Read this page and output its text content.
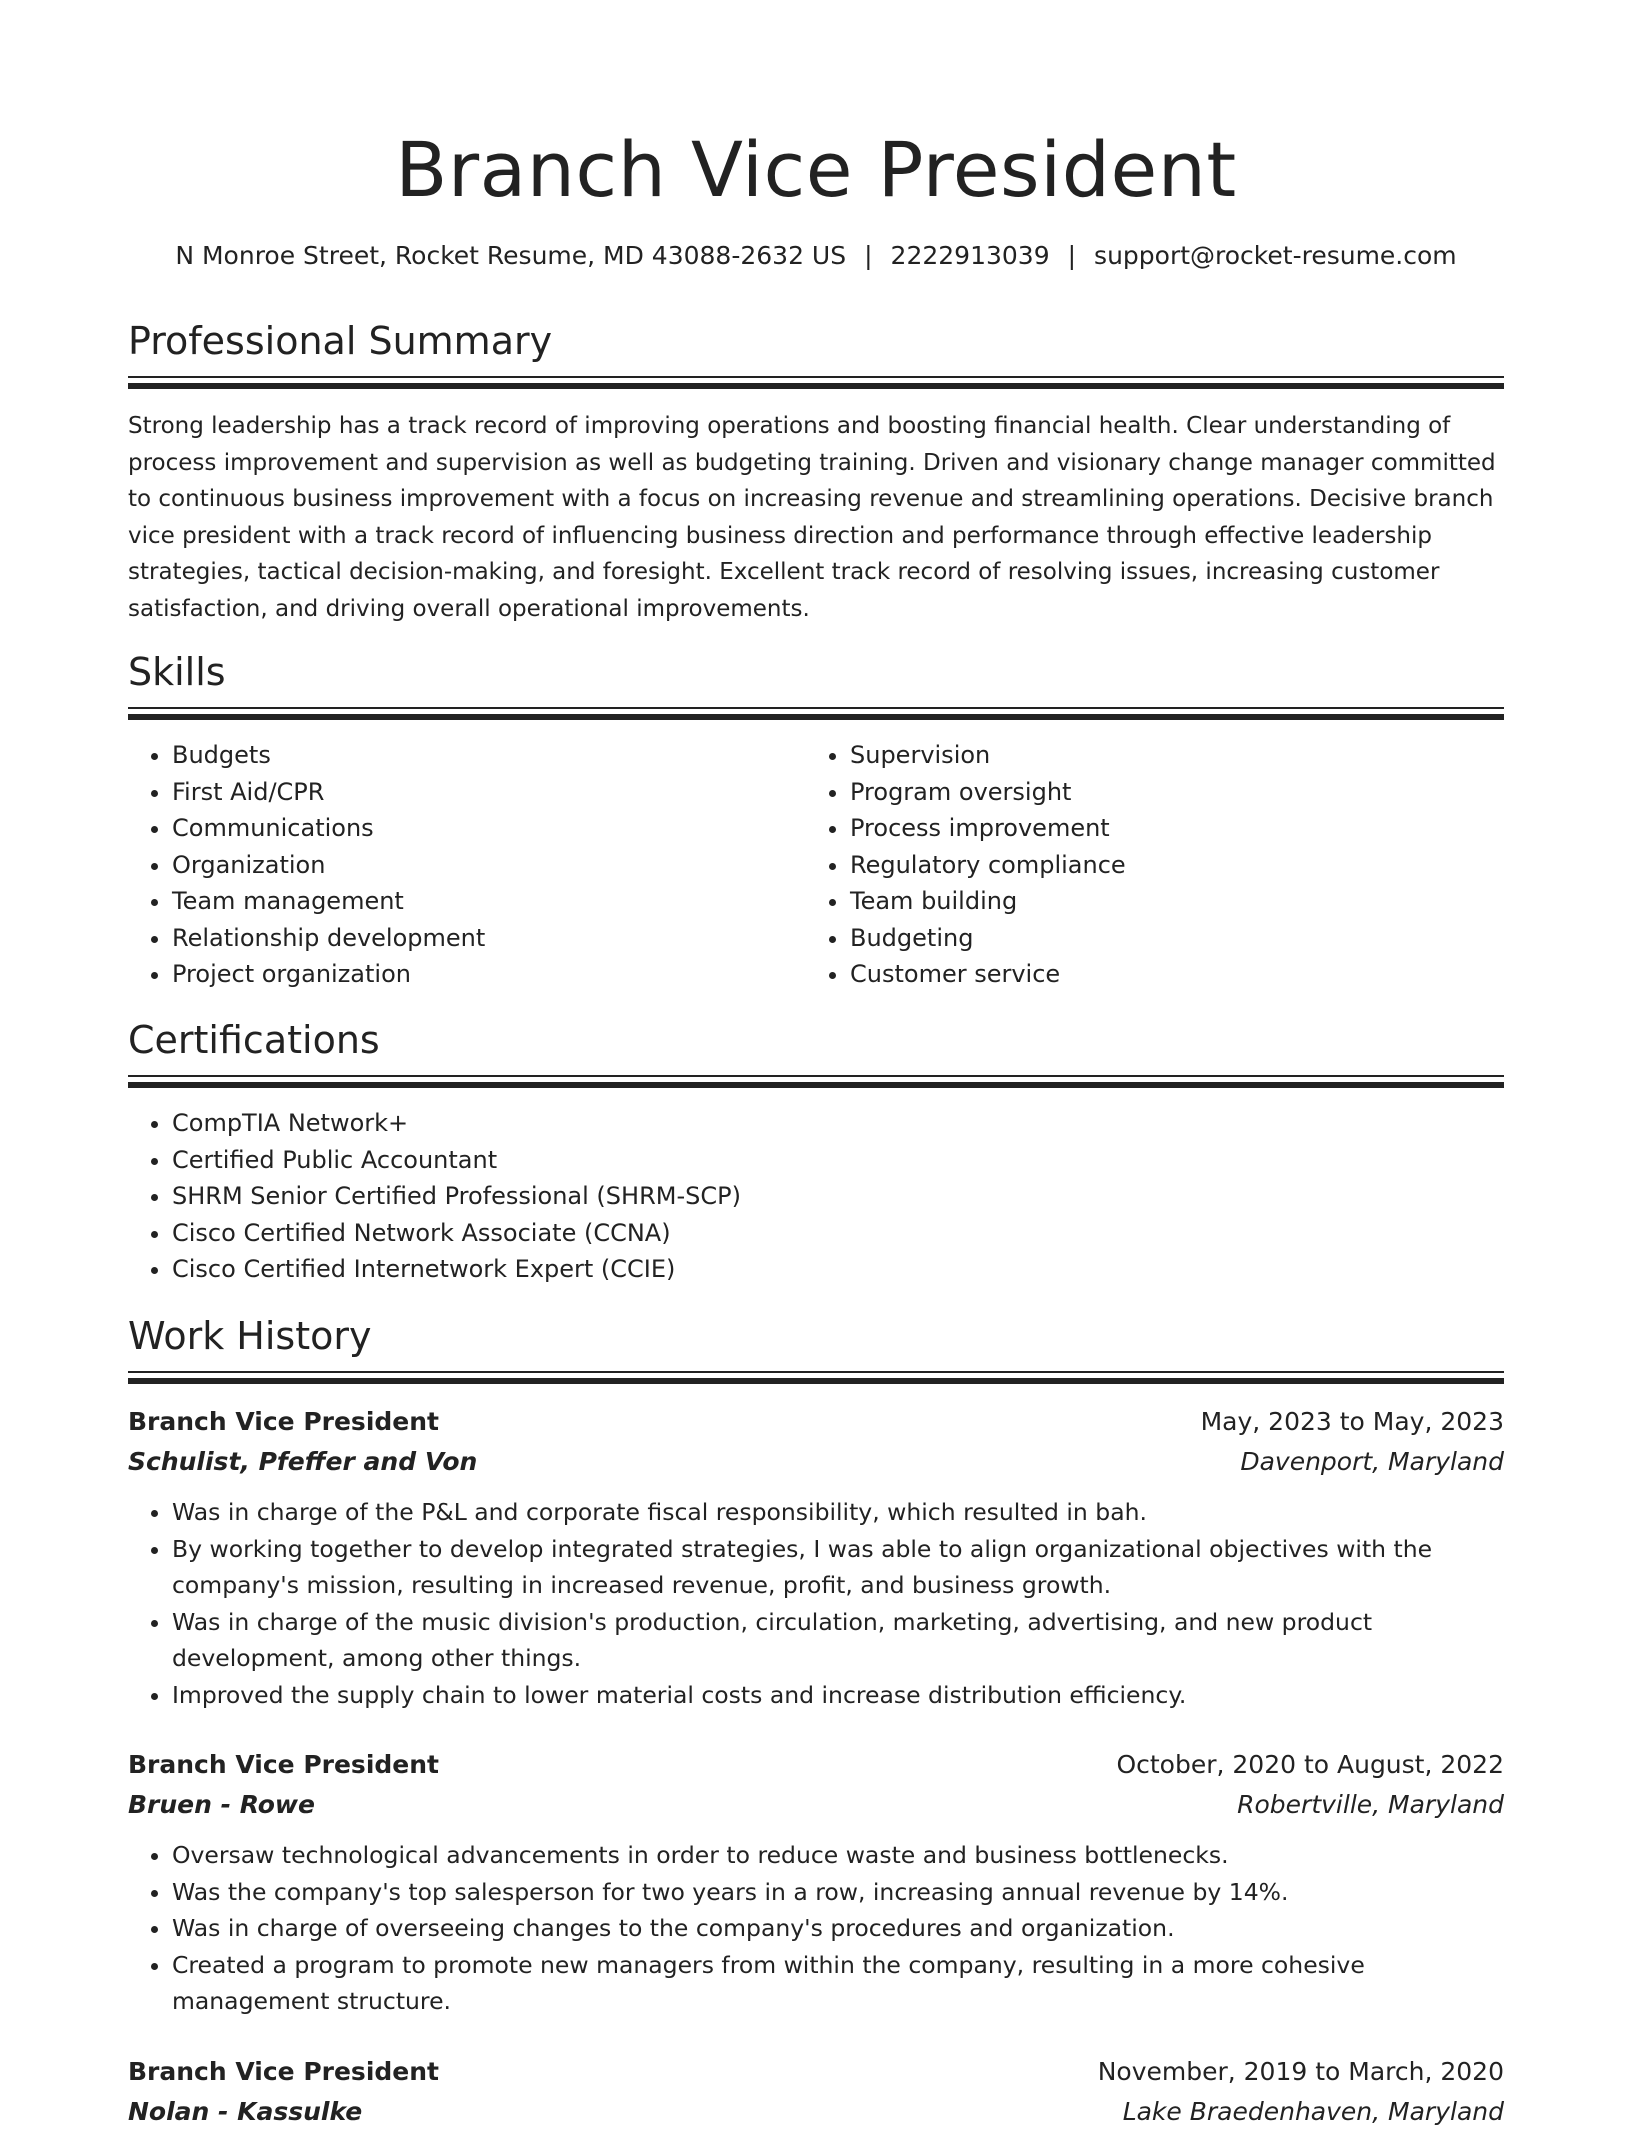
Branch Vice President
N Monroe Street, Rocket Resume, MD 43088-2632 US | 2222913039 | support@rocket-resume.com
Professional Summary

Strong leadership has a track record of improving operations and boosting financial health. Clear understanding of process improvement and supervision as well as budgeting training. Driven and visionary change manager committed to continuous business improvement with a focus on increasing revenue and streamlining operations. Decisive branch vice president with a track record of influencing business direction and performance through effective leadership strategies, tactical decision-making, and foresight. Excellent track record of resolving issues, increasing customer satisfaction, and driving overall operational improvements.

Skills
• Budgets
• First Aid/CPR
• Communications
• Organization
• Team management
• Relationship development
• Project organization
• Supervision
• Program oversight
• Process improvement
• Regulatory compliance
• Team building
• Budgeting
• Customer service
Certifications
• CompTIA Network+
• Certified Public Accountant
• SHRM Senior Certified Professional (SHRM-SCP)
• Cisco Certified Network Associate (CCNA)
• Cisco Certified Internetwork Expert (CCIE)
Work History
Branch Vice President	May, 2023 to May, 2023
Schulist, Pfeffer and Von	Davenport, Maryland
• Was in charge of the P&L and corporate fiscal responsibility, which resulted in bah.
• By working together to develop integrated strategies, I was able to align organizational objectives with the company's mission, resulting in increased revenue, profit, and business growth.
• Was in charge of the music division's production, circulation, marketing, advertising, and new product development, among other things.
• Improved the supply chain to lower material costs and increase distribution efficiency.
Branch Vice President	October, 2020 to August, 2022
Bruen - Rowe	Robertville, Maryland
• Oversaw technological advancements in order to reduce waste and business bottlenecks.
• Was the company's top salesperson for two years in a row, increasing annual revenue by 14%.
• Was in charge of overseeing changes to the company's procedures and organization.
• Created a program to promote new managers from within the company, resulting in a more cohesive management structure.
Branch Vice President	November, 2019 to March, 2020
Nolan - Kassulke	Lake Braedenhaven, Maryland
